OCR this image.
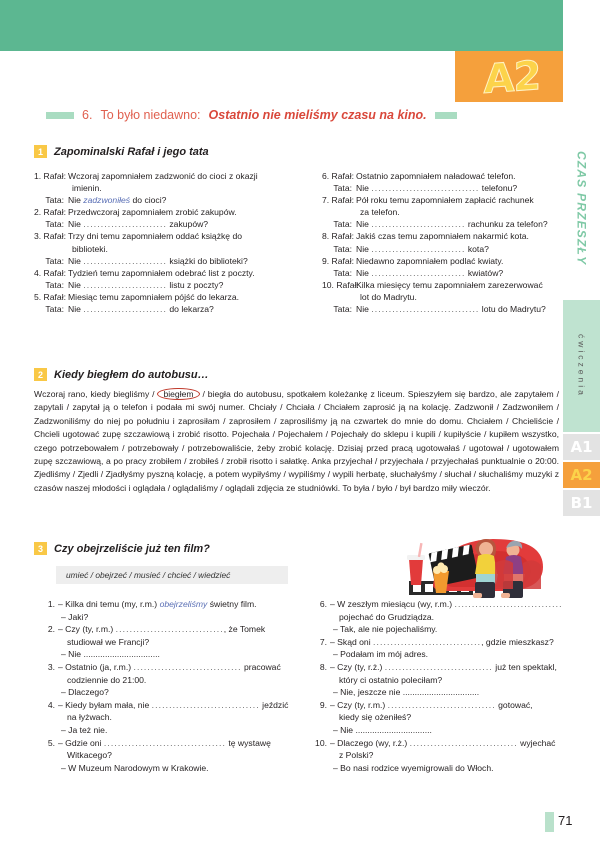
A2
CZAS PRZESZŁY
ćwiczenia
A1
A2
B1
6. To było niedawno: Ostatnio nie mieliśmy czasu na kino.
1	Zapominalski Rafał i jego tata
1. Rafał: Wczoraj zapomniałem zadzwonić do cioci z okazji
imienin.
Tata: Nie zadzwoniłeś do cioci?
2. Rafał: Przedwczoraj zapomniałem zrobić zakupów.
Tata: Nie ........................ zakupów?
3. Rafał: Trzy dni temu zapomniałem oddać książkę do
biblioteki.
Tata: Nie ........................ książki do biblioteki?
4. Rafał: Tydzień temu zapomniałem odebrać list z poczty.
Tata: Nie ........................ listu z poczty?
5. Rafał: Miesiąc temu zapomniałem pójść do lekarza.
Tata: Nie ........................ do lekarza?
6. Rafał: Ostatnio zapomniałem naładować telefon.
Tata: Nie ............................... telefonu?
7. Rafał: Pół roku temu zapomniałem zapłacić rachunek
za telefon.
Tata: Nie ........................... rachunku za telefon?
8. Rafał: Jakiś czas temu zapomniałem nakarmić kota.
Tata: Nie ........................... kota?
9. Rafał: Niedawno zapomniałem podlać kwiaty.
Tata: Nie ........................... kwiatów?
10. Rafał:
Kilka miesięcy temu zapomniałem zarezerwować
lot do Madrytu.
Tata: Nie ............................... lotu do Madrytu?
2	Kiedy biegłem do autobusu…
Wczoraj rano, kiedy biegliśmy / biegłem / biegła do autobusu, spotkałem koleżankę z liceum. Spieszyłem się bardzo, ale zapytałem / zapytali / zapytał ją o telefon i podała mi swój numer. Chciały / Chciała / Chciałem zaprosić ją na kolację. Zadzwonił / Zadzwoniłem / Zadzwoniliśmy do niej po południu i zaprosiłam / zaprosiłem / zaprosiliśmy ją na czwartek do mnie do domu. Chciałem / Chcieliście / Chcieli ugotować zupę szczawiową i zrobić risotto. Pojechała / Pojechałem / Pojechały do sklepu i kupili / kupiłyście / kupiłem wszystko, czego potrzebowałem / potrzebowały / potrzebowaliście, żeby zrobić kolację. Dzisiaj przed pracą ugotowałaś / ugotował / ugotowałem zupę szczawiową, a po pracy zrobiłem / zrobiłeś / zrobił risotto i sałatkę. Anka przyjechał / przyjechała / przyjechałaś punktualnie o 20:00. Zjedliśmy / Zjedli / Zjadłyśmy pyszną kolację, a potem wypiłyśmy / wypiliśmy / wypili herbatę, słuchałyśmy / słuchał / słuchaliśmy muzyki z czasów naszej młodości i oglądała / oglądaliśmy / oglądali zdjęcia ze studniówki. To była / było / był bardzo miły wieczór.
3	Czy obejrzeliście już ten film?
umieć / obejrzeć / musieć / chcieć / wiedzieć
1. – Kilka dni temu (my, r.m.) obejrzeliśmy świetny film.
– Jaki?
2. – Czy (ty, r.m.) ..............................., że Tomek
studiował we Francji?
– Nie ................................
3. – Ostatnio (ja, r.m.) ............................... pracować
codziennie do 21:00.
– Dlaczego?
4. – Kiedy byłam mała, nie ............................... jeździć
na łyżwach.
– Ja też nie.
5. – Gdzie oni ................................... tę wystawę
Witkacego?
– W Muzeum Narodowym w Krakowie.
6. – W zeszłym miesiącu (wy, r.m.) ...............................
pojechać do Grudziądza.
– Tak, ale nie pojechaliśmy.
7. – Skąd oni ..............................., gdzie mieszkasz?
– Podałam im mój adres.
8. – Czy (ty, r.ż.) ............................... już ten spektakl,
który ci ostatnio poleciłam?
– Nie, jeszcze nie ................................
9. – Czy (ty, r.m.) ............................... gotować,
kiedy się ożeniłeś?
– Nie ................................
10. – Dlaczego (wy, r.ż.) ............................... wyjechać
z Polski?
– Bo nasi rodzice wyemigrowali do Włoch.
71
